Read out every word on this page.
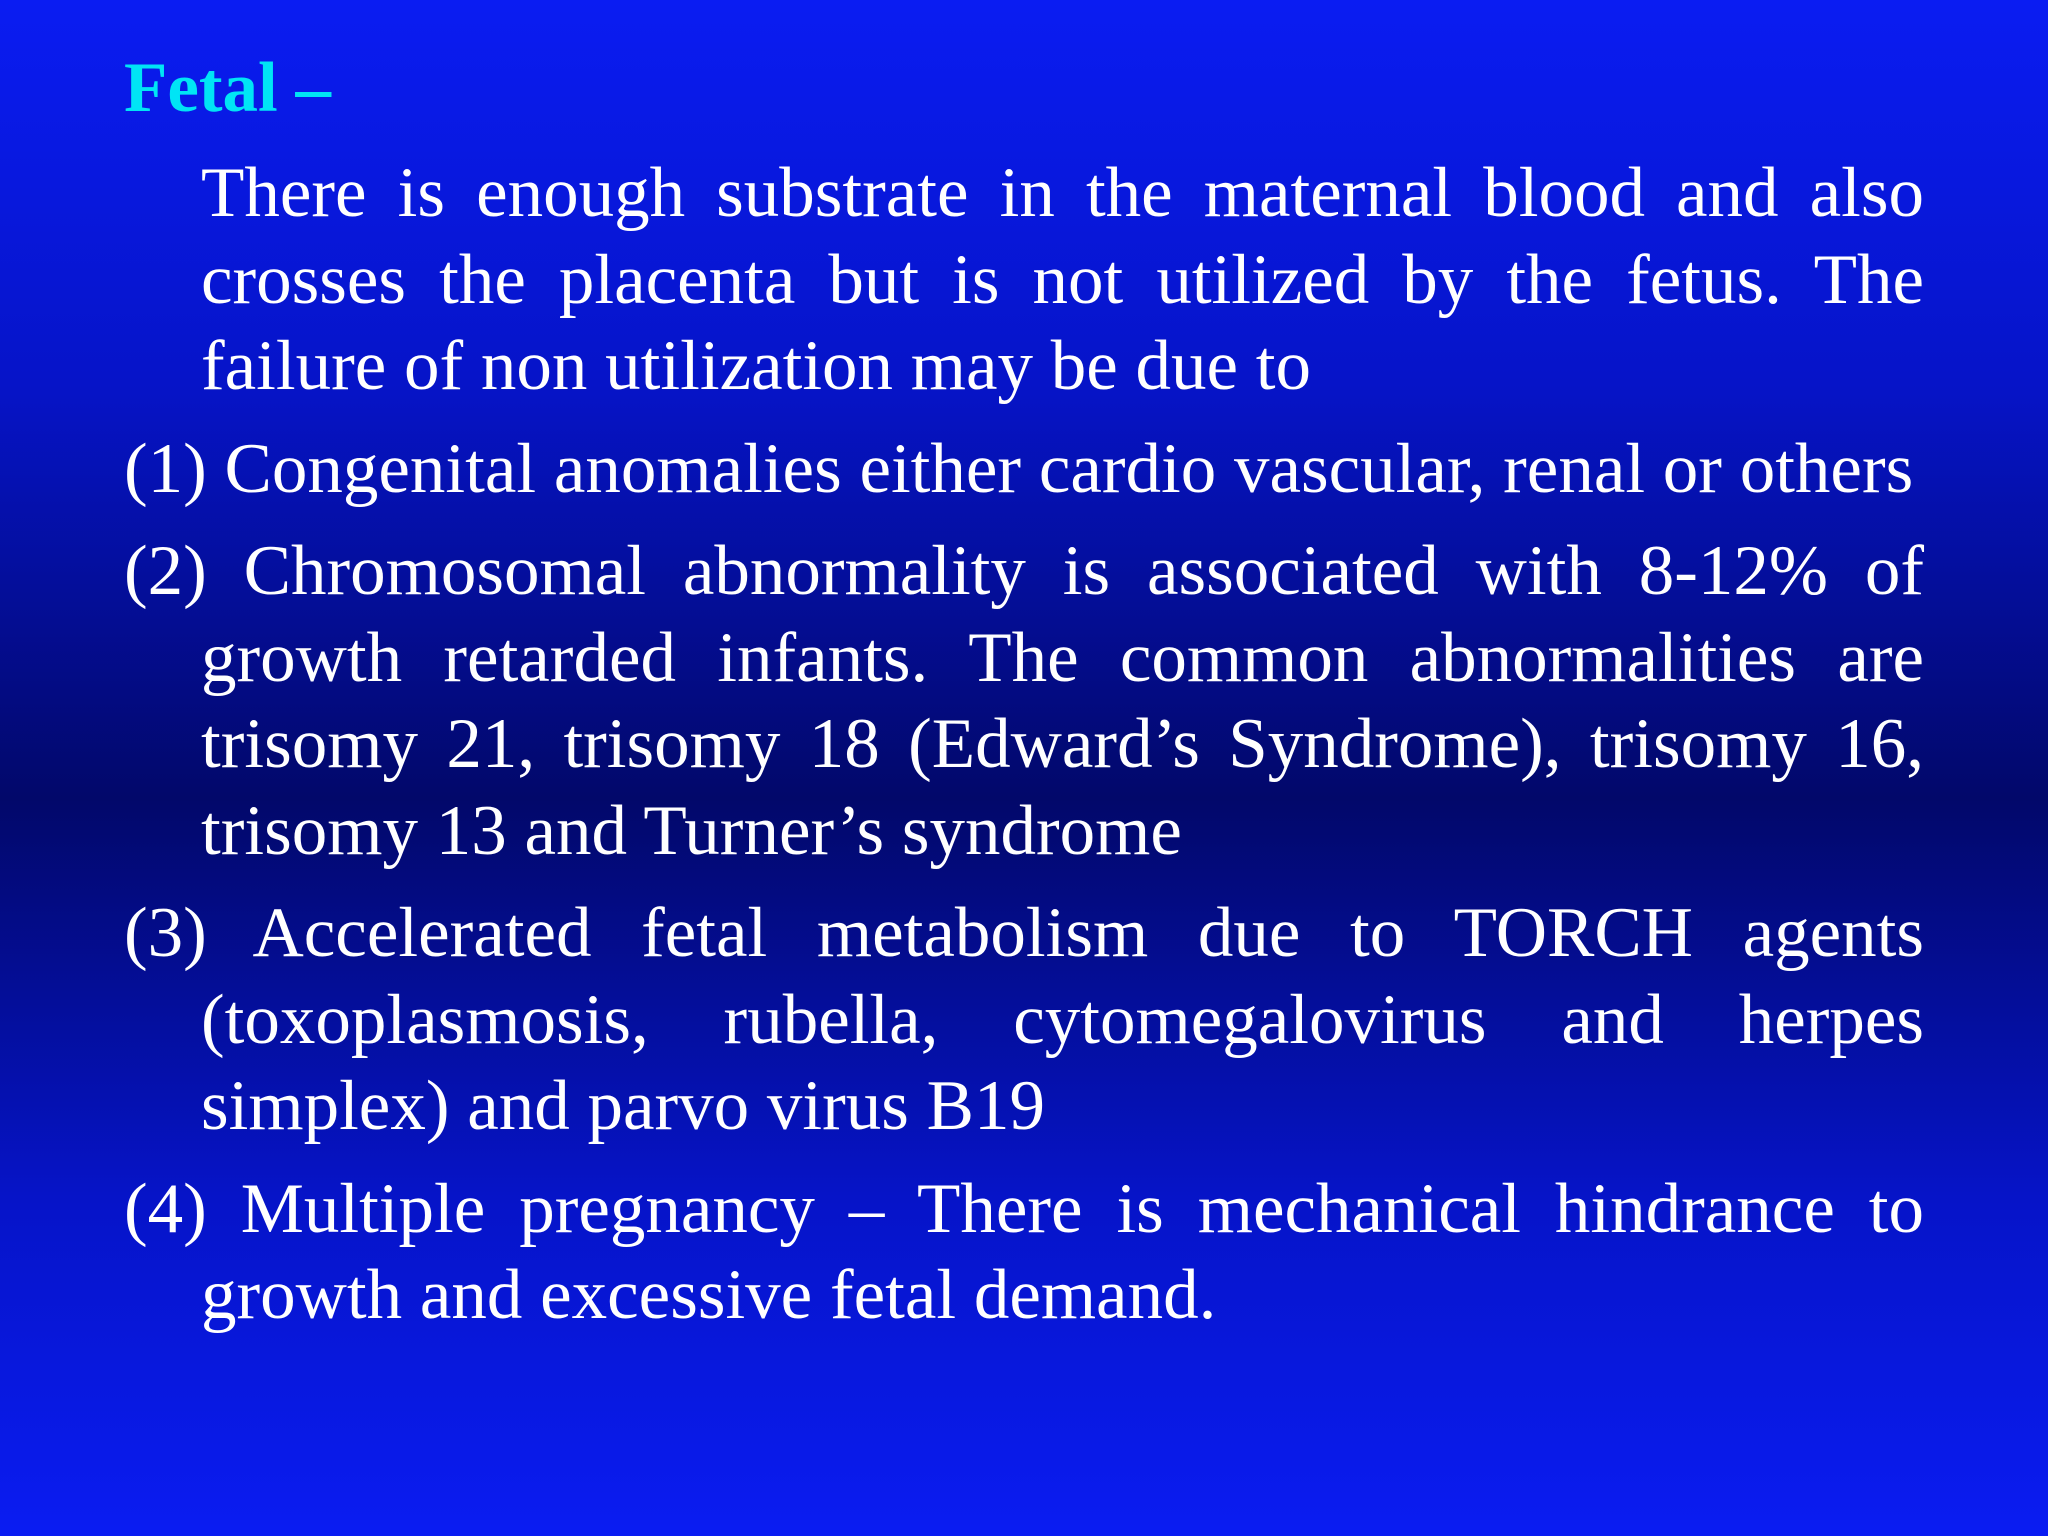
Fetal –

There is enough substrate in the maternal blood and also crosses the placenta but is not utilized by the fetus. The failure of non utilization may be due to

(1) Congenital anomalies either cardio vascular, renal or others

(2) Chromosomal abnormality is associated with 8-12% of growth retarded infants. The common abnormalities are trisomy 21, trisomy 18 (Edward’s Syndrome), trisomy 16, trisomy 13 and Turner’s syndrome

(3) Accelerated fetal metabolism due to TORCH agents (toxoplasmosis, rubella, cytomegalovirus and herpes simplex) and parvo virus B19

(4) Multiple pregnancy – There is mechanical hindrance to growth and excessive fetal demand.
